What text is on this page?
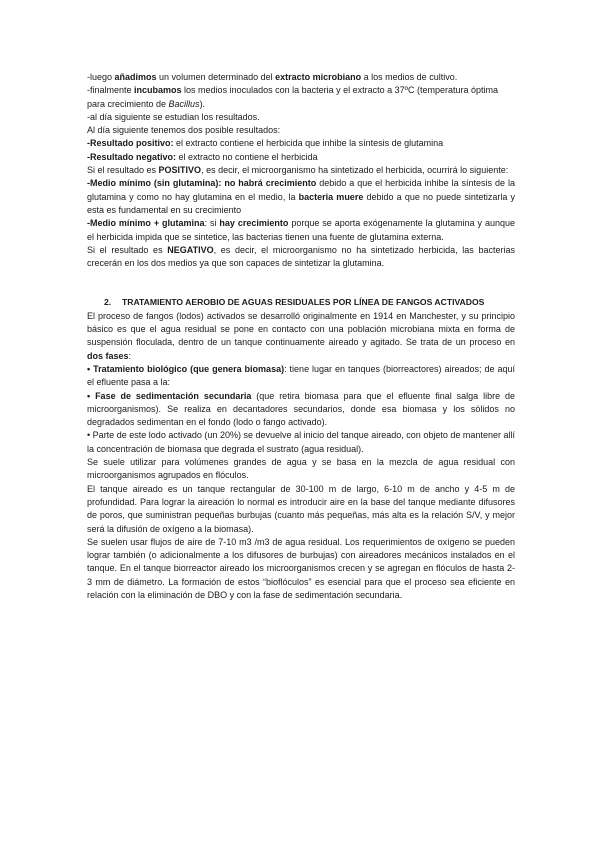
-luego añadimos un volumen determinado del extracto microbiano a los medios de cultivo.

-finalmente incubamos los medios inoculados con la bacteria y el extracto a 37ºC (temperatura óptima para crecimiento de Bacillus).

-al día siguiente se estudian los resultados.

Al día siguiente tenemos dos posible resultados:

-Resultado positivo: el extracto contiene el herbicida que inhibe la síntesis de glutamina

-Resultado negativo: el extracto no contiene el herbicida

Si el resultado es POSITIVO, es decir, el microorganismo ha sintetizado el herbicida, ocurrirá lo siguiente:

-Medio mínimo (sin glutamina): no habrá crecimiento debido a que el herbicida inhibe la síntesis de la glutamina y como no hay glutamina en el medio, la bacteria muere debido a que no puede sintetizarla y esta es fundamental en su crecimiento

-Medio mínimo + glutamina: si hay crecimiento porque se aporta exógenamente la glutamina y aunque el herbicida impida que se sintetice, las bacterias tienen una fuente de glutamina externa.

Si el resultado es NEGATIVO, es decir, el microorganismo no ha sintetizado herbicida, las bacterias crecerán en los dos medios ya que son capaces de sintetizar la glutamina.

2. TRATAMIENTO AEROBIO DE AGUAS RESIDUALES POR LÍNEA DE FANGOS ACTIVADOS

El proceso de fangos (lodos) activados se desarrolló originalmente en 1914 en Manchester, y su principio básico es que el agua residual se pone en contacto con una población microbiana mixta en forma de suspensión floculada, dentro de un tanque continuamente aireado y agitado. Se trata de un proceso en dos fases:

• Tratamiento biológico (que genera biomasa): tiene lugar en tanques (biorreactores) aireados; de aquí el efluente pasa a la:

• Fase de sedimentación secundaria (que retira biomasa para que el efluente final salga libre de microorganismos). Se realiza en decantadores secundarios, donde esa biomasa y los sólidos no degradados sedimentan en el fondo (lodo o fango activado).

• Parte de este lodo activado (un 20%) se devuelve al inicio del tanque aireado, con objeto de mantener allí la concentración de biomasa que degrada el sustrato (agua residual).

Se suele utilizar para volúmenes grandes de agua y se basa en la mezcla de agua residual con microorganismos agrupados en flóculos.

El tanque aireado es un tanque rectangular de 30-100 m de largo, 6-10 m de ancho y 4-5 m de profundidad. Para lograr la aireación lo normal es introducir aire en la base del tanque mediante difusores de poros, que suministran pequeñas burbujas (cuanto más pequeñas, más alta es la relación S/V, y mejor será la difusión de oxígeno a la biomasa).

Se suelen usar flujos de aire de 7-10 m3 /m3 de agua residual. Los requerimientos de oxígeno se pueden lograr también (o adicionalmente a los difusores de burbujas) con aireadores mecánicos instalados en el tanque. En el tanque biorreactor aireado los microorganismos crecen y se agregan en flóculos de hasta 2-3 mm de diámetro. La formación de estos “bioflóculos” es esencial para que el proceso sea eficiente en relación con la eliminación de DBO y con la fase de sedimentación secundaria.
